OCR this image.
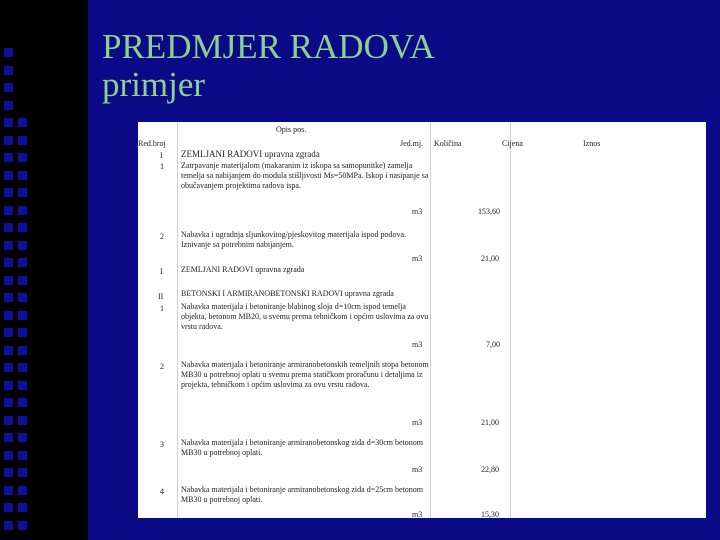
PREDMJER RADOVA
primjer
Opis pos.
Red.broj	Jed.mj. Količina	Cijena	Iznos
I ZEMLJANI RADOVI upravna zgrada
1 Zatrpavanje materijalom (makaranim iz iskopa sa samopunitke) zamelja temelja sa nabijanjem do modula stišljivosti Ms=50MPa. Iskop i nasipanje sa obučavanjem projektima radova ispa.
m3	153,60
2 Nabavka i ugradnja sljunkovitog/pjeskovitog materijala ispod podova. Iznivanje sa potrebnim nabijanjem.
m3	21,00
I ZEMLJANI RADOVI upravna zgrada
II BETONSKI I ARMIRANOBETONSKI RADOVI upravna zgrada
1 Nabavka materijala i betoniranje blabinog sloja d=10cm ispod temelja objekta, betonom MB20, u svemu prema tehničkom i općim uslovima za ovu vrstu radova.
m3	7,00
2 Nabavka materijala i betoniranje armiranobetonskih temeljnih stopa betonom MB30 u potrebnoj oplati u svemu prema statičkom proračunu i detaljima iz projekta, tehničkom i općim uslovima za ovu vrstu radova.
m3	21,00
3 Nabavka materijala i betoniranje armiranobetonskog zida d=30cm betonom MB30 u potrebnoj oplati.
m3	22,80
4 Nabavka materijala i betoniranje armiranobetonskog zida d=25cm betonom MB30 u potrebnoj oplati.
m3	15,30
